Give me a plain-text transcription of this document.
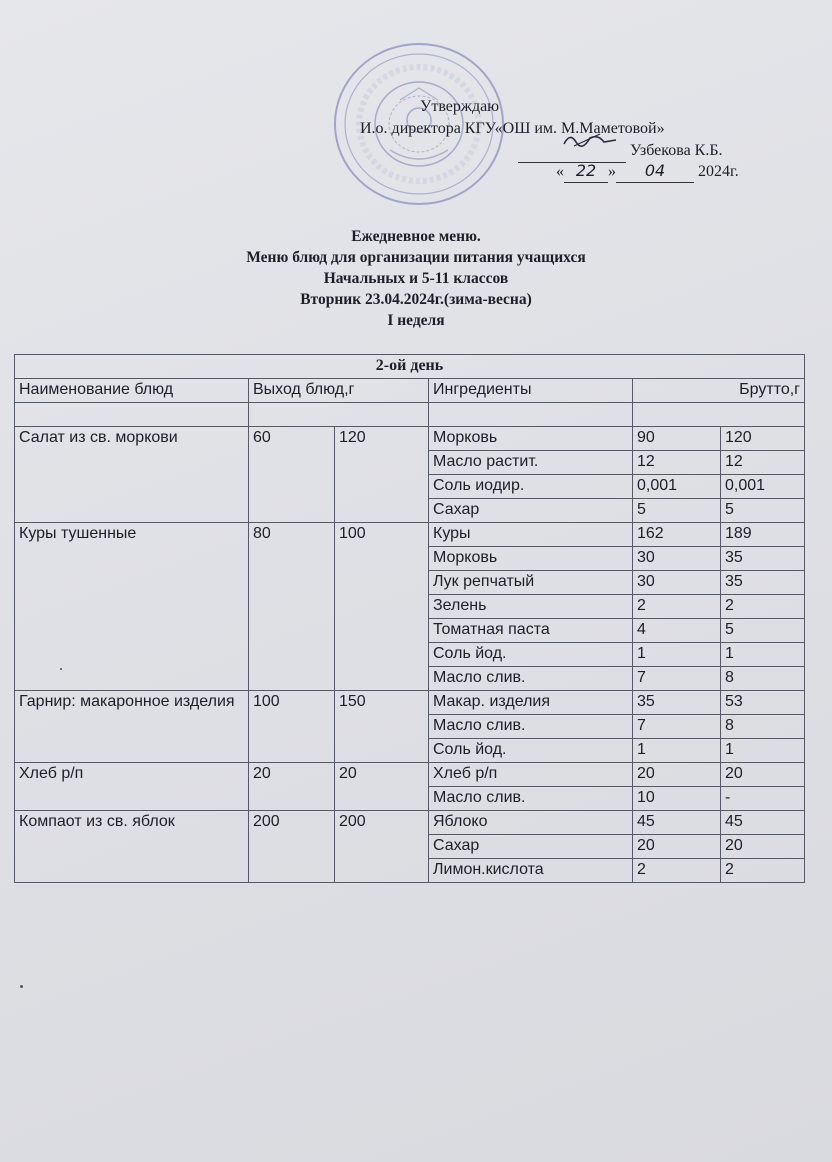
Утверждаю
И.о. директора КГУ«ОШ им. М.Маметовой»
Узбекова К.Б.
« 22 » 04 2024г.
Ежедневное меню.
Меню блюд для организации питания учащихся
Начальных и 5-11 классов
Вторник 23.04.2024г.(зима-весна)
I неделя
2-ой день					
Наименование блюд	Выход блюд,г		Ингредиенты	Брутто,г	

Салат из св. моркови	60	120	Морковь	90	120
			Масло растит.	12	12
			Соль иодир.	0,001	0,001
			Сахар	5	5
Куры тушенные	80	100	Куры	162	189
			Морковь	30	35
			Лук репчатый	30	35
			Зелень	2	2
			Томатная паста	4	5
			Соль йод.	1	1
			Масло слив.	7	8
Гарнир: макаронное изделия	100	150	Макар. изделия	35	53
			Масло слив.	7	8
			Соль йод.	1	1
Хлеб р/п	20	20	Хлеб р/п	20	20
			Масло слив.	10	-
Компаот из св. яблок	200	200	Яблоко	45	45
			Сахар	20	20
			Лимон.кислота	2	2
